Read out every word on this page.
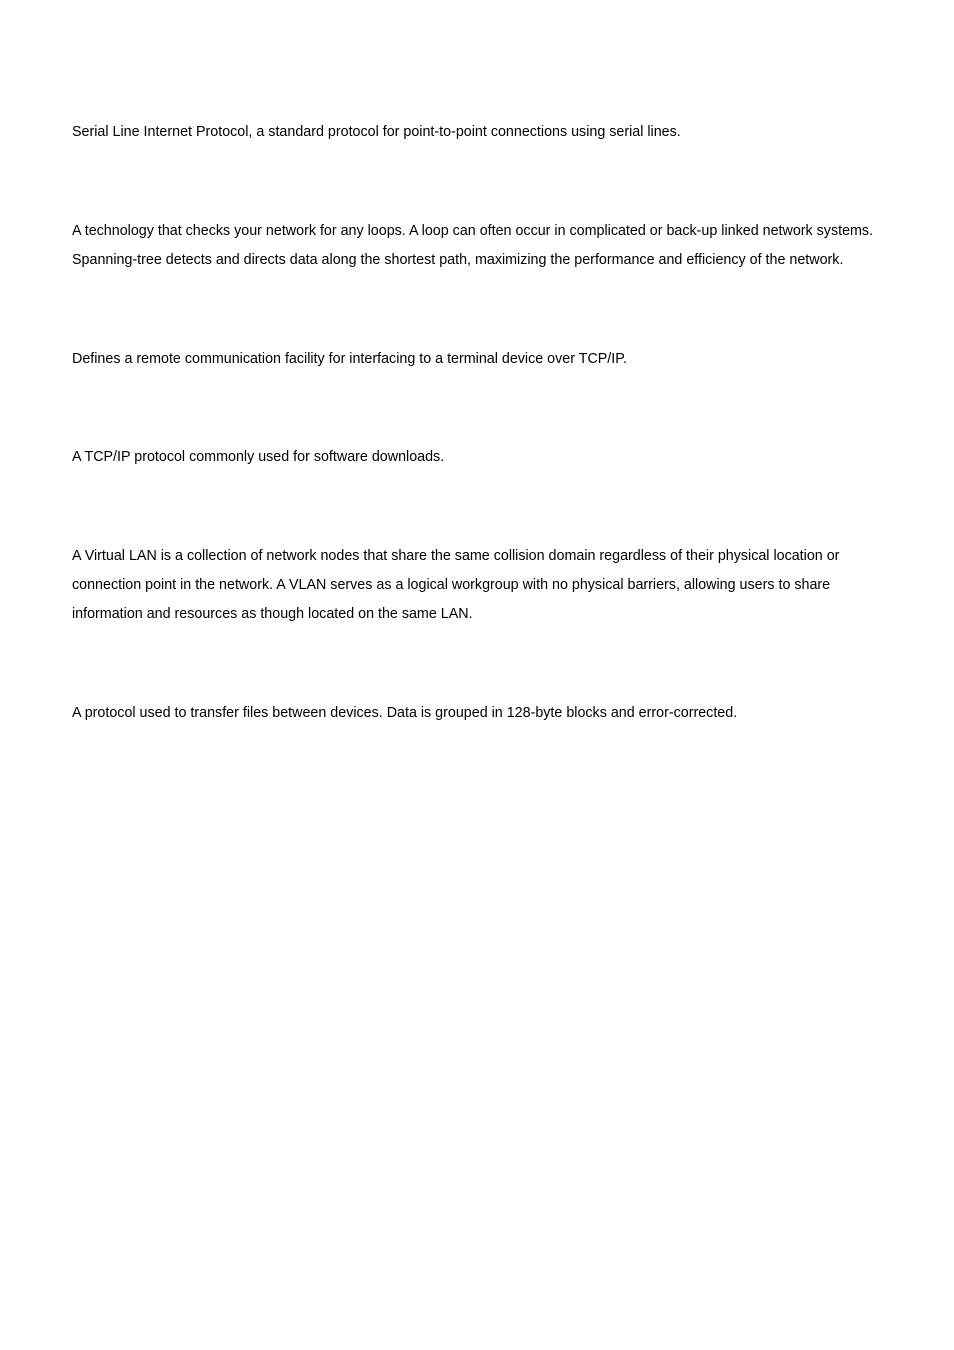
Serial Line Internet Protocol, a standard protocol for point-to-point connections using serial lines.

A technology that checks your network for any loops. A loop can often occur in complicated or back-up linked network systems.
Spanning-tree detects and directs data along the shortest path, maximizing the performance and efficiency of the network.

Defines a remote communication facility for interfacing to a terminal device over TCP/IP.

A TCP/IP protocol commonly used for software downloads.

A Virtual LAN is a collection of network nodes that share the same collision domain regardless of their physical location or
connection point in the network. A VLAN serves as a logical workgroup with no physical barriers, allowing users to share
information and resources as though located on the same LAN.

A protocol used to transfer files between devices. Data is grouped in 128-byte blocks and error-corrected.
